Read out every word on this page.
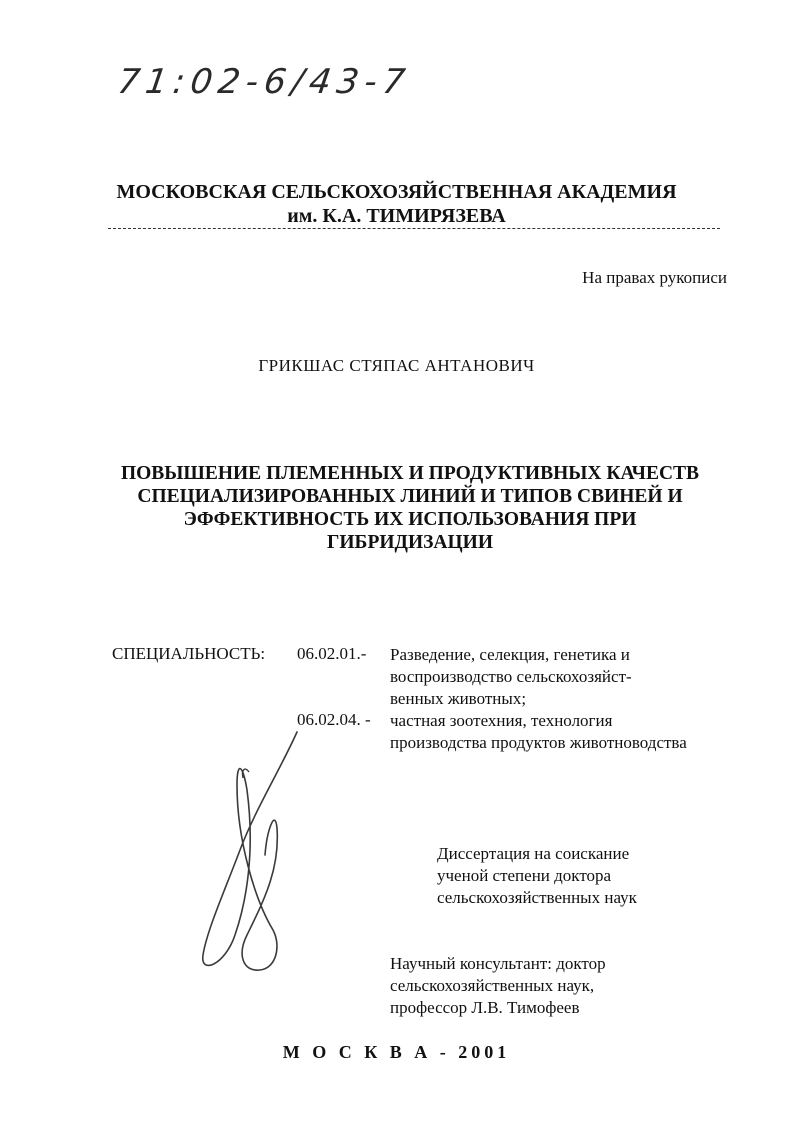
71:02-6/43-7
МОСКОВСКАЯ СЕЛЬСКОХОЗЯЙСТВЕННАЯ АКАДЕМИЯ
им. К.А. ТИМИРЯЗЕВА
На правах рукописи
ГРИКШАС СТЯПАС АНТАНОВИЧ
ПОВЫШЕНИЕ ПЛЕМЕННЫХ И ПРОДУКТИВНЫХ КАЧЕСТВ
СПЕЦИАЛИЗИРОВАННЫХ ЛИНИЙ И ТИПОВ СВИНЕЙ И
ЭФФЕКТИВНОСТЬ ИХ ИСПОЛЬЗОВАНИЯ ПРИ
ГИБРИДИЗАЦИИ
СПЕЦИАЛЬНОСТЬ: 06.02.01.- Разведение, селекция, генетика и
воспроизводство сельскохозяйст-
венных животных;
06.02.04. - частная зоотехния, технология
производства продуктов животноводства
Диссертация на соискание
ученой степени доктора
сельскохозяйственных наук
Научный консультант: доктор
сельскохозяйственных наук,
профессор Л.В. Тимофеев
М О С К В А - 2001
